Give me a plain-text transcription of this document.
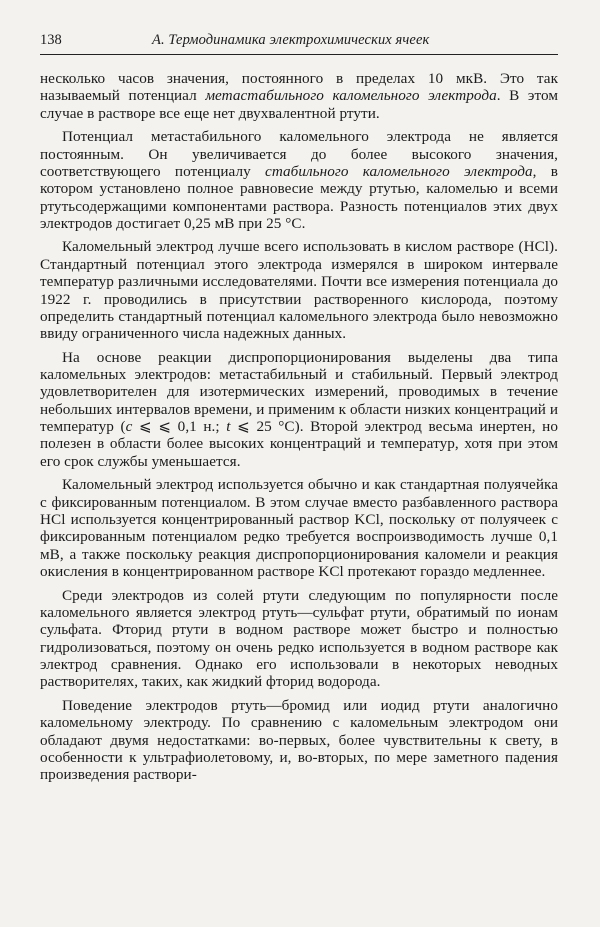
138	А. Термодинамика электрохимических ячеек

несколько часов значения, постоянного в пределах 10 мкВ. Это так называемый потенциал метастабильного каломельного электрода. В этом случае в растворе все еще нет двухвалентной ртути.

Потенциал метастабильного каломельного электрода не является постоянным. Он увеличивается до более высокого значения, соответствующего потенциалу стабильного каломельного электрода, в котором установлено полное равновесие между ртутью, каломелью и всеми ртутьсодержащими компонентами раствора. Разность потенциалов этих двух электродов достигает 0,25 мВ при 25 °C.

Каломельный электрод лучше всего использовать в кислом растворе (HCl). Стандартный потенциал этого электрода измерялся в широком интервале температур различными исследователями. Почти все измерения потенциала до 1922 г. проводились в присутствии растворенного кислорода, поэтому определить стандартный потенциал каломельного электрода было невозможно ввиду ограниченного числа надежных данных.

На основе реакции диспропорционирования выделены два типа каломельных электродов: метастабильный и стабильный. Первый электрод удовлетворителен для изотермических измерений, проводимых в течение небольших интервалов времени, и применим к области низких концентраций и температур (c ⩽ ⩽ 0,1 н.; t ⩽ 25 °C). Второй электрод весьма инертен, но полезен в области более высоких концентраций и температур, хотя при этом его срок службы уменьшается.

Каломельный электрод используется обычно и как стандартная полуячейка с фиксированным потенциалом. В этом случае вместо разбавленного раствора HCl используется концентрированный раствор KCl, поскольку от полуячеек с фиксированным потенциалом редко требуется воспроизводимость лучше 0,1 мВ, а также поскольку реакция диспропорционирования каломели и реакция окисления в концентрированном растворе KCl протекают гораздо медленнее.

Среди электродов из солей ртути следующим по популярности после каломельного является электрод ртуть—сульфат ртути, обратимый по ионам сульфата. Фторид ртути в водном растворе может быстро и полностью гидролизоваться, поэтому он очень редко используется в водном растворе как электрод сравнения. Однако его использовали в некоторых неводных растворителях, таких, как жидкий фторид водорода.

Поведение электродов ртуть—бромид или иодид ртути аналогично каломельному электроду. По сравнению с каломельным электродом они обладают двумя недостатками: во-первых, более чувствительны к свету, в особенности к ультрафиолетовому, и, во-вторых, по мере заметного падения произведения раствори-
